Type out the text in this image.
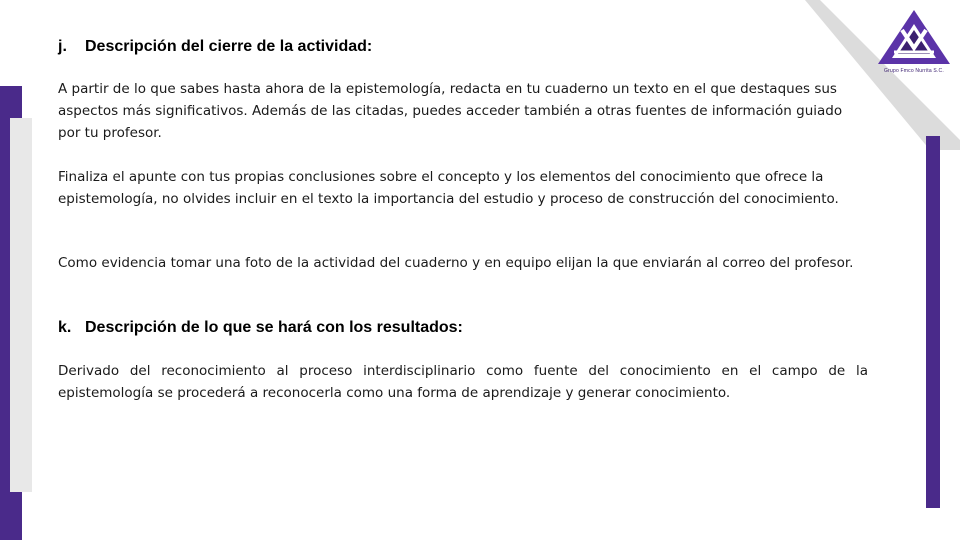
Grupo Fmco Nurrita S.C.
j. Descripción del cierre de la actividad:

A partir de lo que sabes hasta ahora de la epistemología, redacta en tu cuaderno un texto en el que destaques sus aspectos más significativos. Además de las citadas, puedes acceder también a otras fuentes de información guiado por tu profesor.

Finaliza el apunte con tus propias conclusiones sobre el concepto y los elementos del conocimiento que ofrece la epistemología, no olvides incluir en el texto la importancia del estudio y proceso de construcción del conocimiento.

Como evidencia tomar una foto de la actividad del cuaderno y en equipo elijan la que enviarán al correo del profesor.

k. Descripción de lo que se hará con los resultados:

Derivado del reconocimiento al proceso interdisciplinario como fuente del conocimiento en el campo de la epistemología se procederá a reconocerla como una forma de aprendizaje y generar conocimiento.
